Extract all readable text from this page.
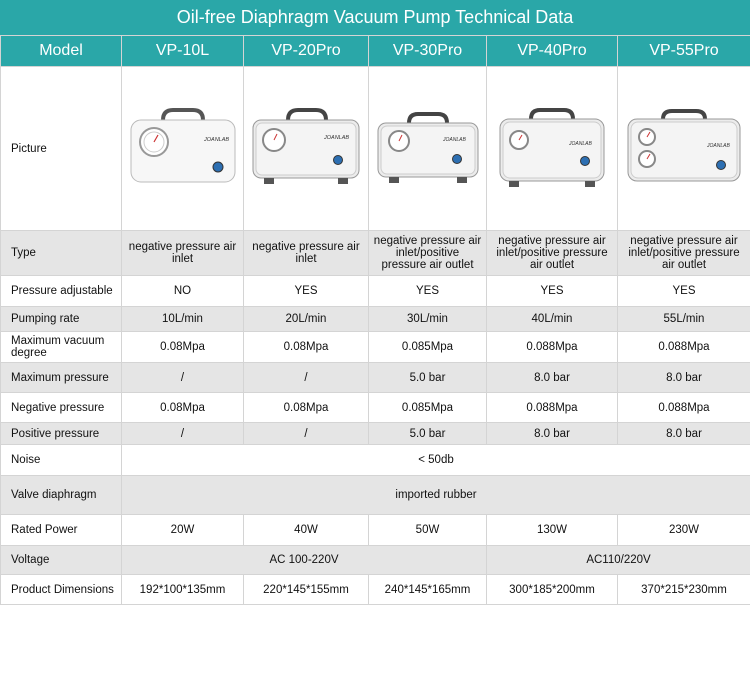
Oil-free Diaphragm Vacuum Pump Technical Data
Model	VP-10L	VP-20Pro	VP-30Pro	VP-40Pro	VP-55Pro
Picture	JOANLAB	JOANLAB	JOANLAB	JOANLAB	JOANLAB

Type	negative pressure air inlet	negative pressure air inlet	negative pressure air inlet/positive pressure air outlet	negative pressure air inlet/positive pressure air outlet	negative pressure air inlet/positive pressure air outlet
Pressure adjustable	NO	YES	YES	YES	YES
Pumping rate	10L/min	20L/min	30L/min	40L/min	55L/min
Maximum vacuum degree	0.08Mpa	0.08Mpa	0.085Mpa	0.088Mpa	0.088Mpa
Maximum pressure	/	/	5.0 bar	8.0 bar	8.0 bar
Negative pressure	0.08Mpa	0.08Mpa	0.085Mpa	0.088Mpa	0.088Mpa
Positive pressure	/	/	5.0 bar	8.0 bar	8.0 bar
Noise	< 50db				
Valve diaphragm	imported rubber				
Rated Power	20W	40W	50W	130W	230W
Voltage	AC 100-220V			AC110/220V	
Product Dimensions	192*100*135mm	220*145*155mm	240*145*165mm	300*185*200mm	370*215*230mm
